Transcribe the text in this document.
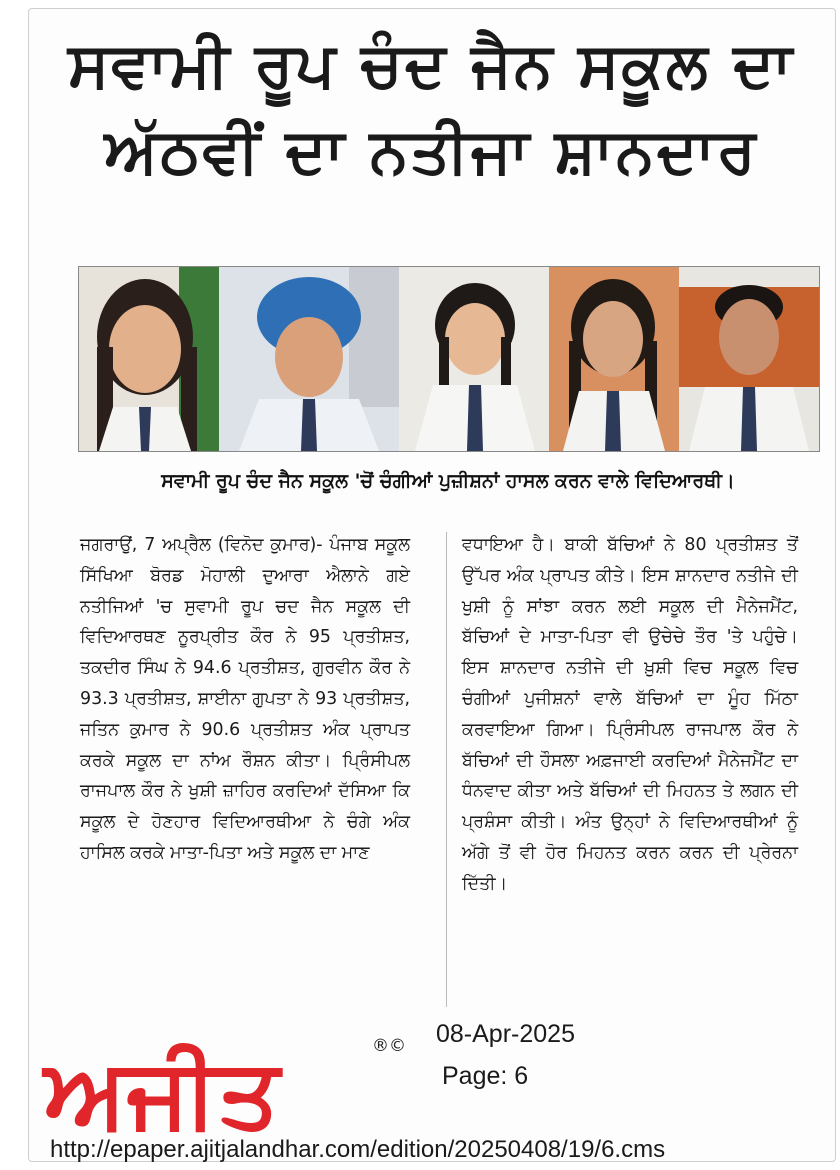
ਸਵਾਮੀ ਰੂਪ ਚੰਦ ਜੈਨ ਸਕੂਲ ਦਾ
ਅੱਠਵੀਂ ਦਾ ਨਤੀਜਾ ਸ਼ਾਨਦਾਰ
ਸਵਾਮੀ ਰੂਪ ਚੰਦ ਜੈਨ ਸਕੂਲ 'ਚੋਂ ਚੰਗੀਆਂ ਪੁਜ਼ੀਸ਼ਨਾਂ ਹਾਸਲ ਕਰਨ ਵਾਲੇ ਵਿਦਿਆਰਥੀ।
ਜਗਰਾਉਂ, 7 ਅਪ੍ਰੈਲ (ਵਿਨੋਦ ਕੁਮਾਰ)- ਪੰਜਾਬ ਸਕੂਲ ਸਿੱਖਿਆ ਬੋਰਡ ਮੋਹਾਲੀ ਦੁਆਰਾ ਐਲਾਨੇ ਗਏ ਨਤੀਜਿਆਂ 'ਚ ਸੁਵਾਮੀ ਰੂਪ ਚਦ ਜੈਨ ਸਕੂਲ ਦੀ ਵਿਦਿਆਰਥਣ ਨੂਰਪ੍ਰੀਤ ਕੌਰ ਨੇ 95 ਪ੍ਰਤੀਸ਼ਤ, ਤਕਦੀਰ ਸਿੰਘ ਨੇ 94.6 ਪ੍ਰਤੀਸ਼ਤ, ਗੁਰਵੀਨ ਕੌਰ ਨੇ 93.3 ਪ੍ਰਤੀਸ਼ਤ, ਸ਼ਾਈਨਾ ਗੁਪਤਾ ਨੇ 93 ਪ੍ਰਤੀਸ਼ਤ, ਜਤਿਨ ਕੁਮਾਰ ਨੇ 90.6 ਪ੍ਰਤੀਸ਼ਤ ਅੰਕ ਪ੍ਰਾਪਤ ਕਰਕੇ ਸਕੂਲ ਦਾ ਨਾਂਅ ਰੌਸ਼ਨ ਕੀਤਾ। ਪ੍ਰਿੰਸੀਪਲ ਰਾਜਪਾਲ ਕੌਰ ਨੇ ਖੁਸ਼ੀ ਜ਼ਾਹਿਰ ਕਰਦਿਆਂ ਦੱਸਿਆ ਕਿ ਸਕੂਲ ਦੇ ਹੋਣਹਾਰ ਵਿਦਿਆਰਥੀਆ ਨੇ ਚੰਗੇ ਅੰਕ ਹਾਸਿਲ ਕਰਕੇ ਮਾਤਾ-ਪਿਤਾ ਅਤੇ ਸਕੂਲ ਦਾ ਮਾਣ
ਵਧਾਇਆ ਹੈ। ਬਾਕੀ ਬੱਚਿਆਂ ਨੇ 80 ਪ੍ਰਤੀਸ਼ਤ ਤੋਂ ਉੱਪਰ ਅੰਕ ਪ੍ਰਾਪਤ ਕੀਤੇ। ਇਸ ਸ਼ਾਨਦਾਰ ਨਤੀਜੇ ਦੀ ਖੁਸ਼ੀ ਨੂੰ ਸਾਂਝਾ ਕਰਨ ਲਈ ਸਕੂਲ ਦੀ ਮੈਨੇਜਮੈਂਟ, ਬੱਚਿਆਂ ਦੇ ਮਾਤਾ-ਪਿਤਾ ਵੀ ਉਚੇਚੇ ਤੌਰ 'ਤੇ ਪਹੁੰਚੇ। ਇਸ ਸ਼ਾਨਦਾਰ ਨਤੀਜੇ ਦੀ ਖ਼ੁਸ਼ੀ ਵਿਚ ਸਕੂਲ ਵਿਚ ਚੰਗੀਆਂ ਪੁਜੀਸ਼ਨਾਂ ਵਾਲੇ ਬੱਚਿਆਂ ਦਾ ਮੂੰਹ ਮਿੱਠਾ ਕਰਵਾਇਆ ਗਿਆ। ਪ੍ਰਿੰਸੀਪਲ ਰਾਜਪਾਲ ਕੌਰ ਨੇ ਬੱਚਿਆਂ ਦੀ ਹੌਸਲਾ ਅਫ਼ਜਾਈ ਕਰਦਿਆਂ ਮੈਨੇਜਮੈਂਟ ਦਾ ਧੰਨਵਾਦ ਕੀਤਾ ਅਤੇ ਬੱਚਿਆਂ ਦੀ ਮਿਹਨਤ ਤੇ ਲਗਨ ਦੀ ਪ੍ਰਸ਼ੰਸਾ ਕੀਤੀ। ਅੰਤ ਉਨ੍ਹਾਂ ਨੇ ਵਿਦਿਆਰਥੀਆਂ ਨੂੰ ਅੱਗੇ ਤੋਂ ਵੀ ਹੋਰ ਮਿਹਨਤ ਕਰਨ ਕਰਨ ਦੀ ਪ੍ਰੇਰਨਾ ਦਿੱਤੀ।
ਅਜੀਤ	®© 08-Apr-2025
Page: 6
http://epaper.ajitjalandhar.com/edition/20250408/19/6.cms
